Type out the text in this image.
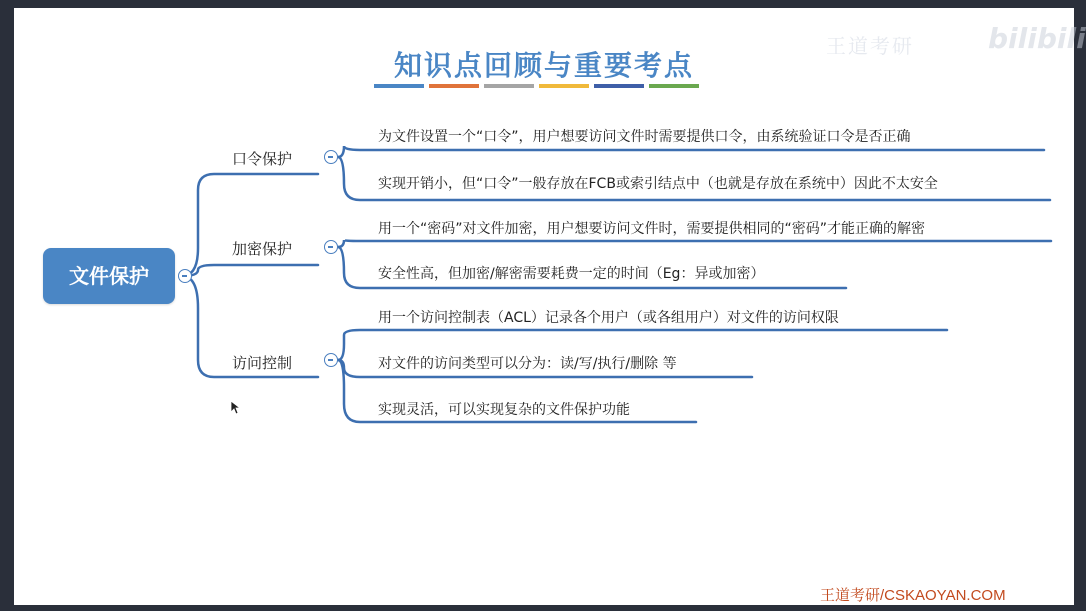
知识点回顾与重要考点
王道考研	bilibili
文件保护
口令保护
加密保护
访问控制
为文件设置一个“口令”，用户想要访问文件时需要提供口令，由系统验证口令是否正确
实现开销小，但“口令”一般存放在FCB或索引结点中（也就是存放在系统中）因此不太安全
用一个“密码”对文件加密，用户想要访问文件时，需要提供相同的“密码”才能正确的解密
安全性高，但加密/解密需要耗费一定的时间（Eg：异或加密）
用一个访问控制表（ACL）记录各个用户（或各组用户）对文件的访问权限
对文件的访问类型可以分为：读/写/执行/删除 等
实现灵活，可以实现复杂的文件保护功能
王道考研/CSKAOYAN.COM
